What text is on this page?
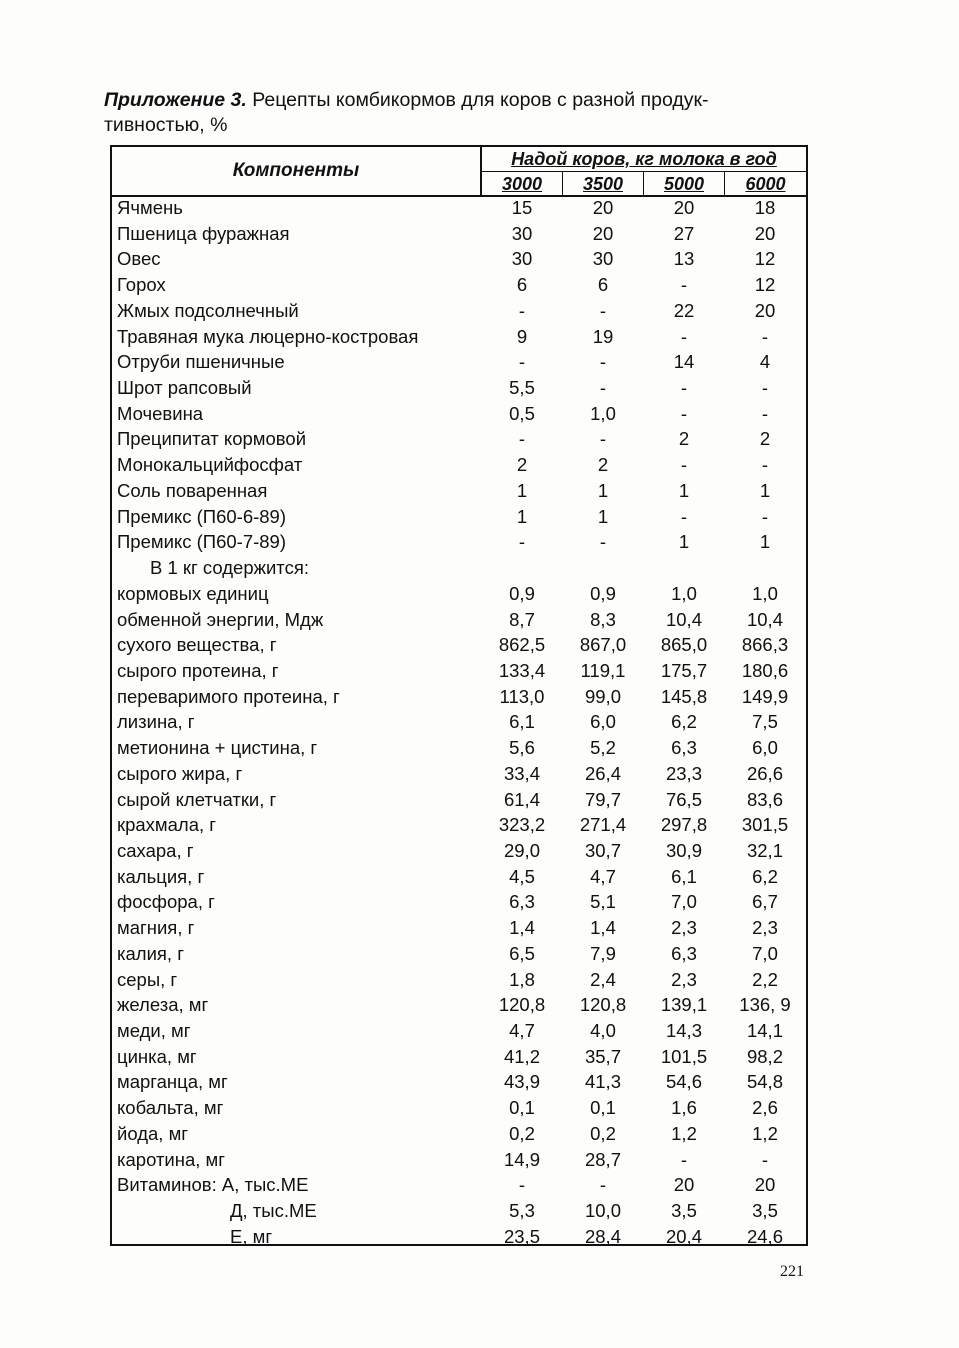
Приложение 3. Рецепты комбикормов для коров с разной продук-
тивностью, %
Компоненты
Надой коров, кг молока в год
3000	3500	5000	6000
Ячмень	15	20	20	18
Пшеница фуражная	30	20	27	20
Овес	30	30	13	12
Горох	6	6	-	12
Жмых подсолнечный	-	-	22	20
Травяная мука люцерно-костровая	9	19	-	-
Отруби пшеничные	-	-	14	4
Шрот рапсовый	5,5	-	-	-
Мочевина	0,5	1,0	-	-
Преципитат кормовой	-	-	2	2
Монокальцийфосфат	2	2	-	-
Соль поваренная	1	1	1	1
Премикс (П60-6-89)	1	1	-	-
Премикс (П60-7-89)	-	-	1	1
В 1 кг содержится:
кормовых единиц	0,9	0,9	1,0	1,0
обменной энергии, Мдж	8,7	8,3	10,4	10,4
сухого вещества, г	862,5	867,0	865,0	866,3
сырого протеина, г	133,4	119,1	175,7	180,6
переваримого протеина, г	113,0	99,0	145,8	149,9
лизина, г	6,1	6,0	6,2	7,5
метионина + цистина, г	5,6	5,2	6,3	6,0
сырого жира, г	33,4	26,4	23,3	26,6
сырой клетчатки, г	61,4	79,7	76,5	83,6
крахмала, г	323,2	271,4	297,8	301,5
сахара, г	29,0	30,7	30,9	32,1
кальция, г	4,5	4,7	6,1	6,2
фосфора, г	6,3	5,1	7,0	6,7
магния, г	1,4	1,4	2,3	2,3
калия, г	6,5	7,9	6,3	7,0
серы, г	1,8	2,4	2,3	2,2
железа, мг	120,8	120,8	139,1	136, 9
меди, мг	4,7	4,0	14,3	14,1
цинка, мг	41,2	35,7	101,5	98,2
марганца, мг	43,9	41,3	54,6	54,8
кобальта, мг	0,1	0,1	1,6	2,6
йода, мг	0,2	0,2	1,2	1,2
каротина, мг	14,9	28,7	-	-
Витаминов: А, тыс.МЕ	-	-	20	20
Д, тыс.МЕ	5,3	10,0	3,5	3,5
Е, мг	23,5	28,4	20,4	24,6
221
